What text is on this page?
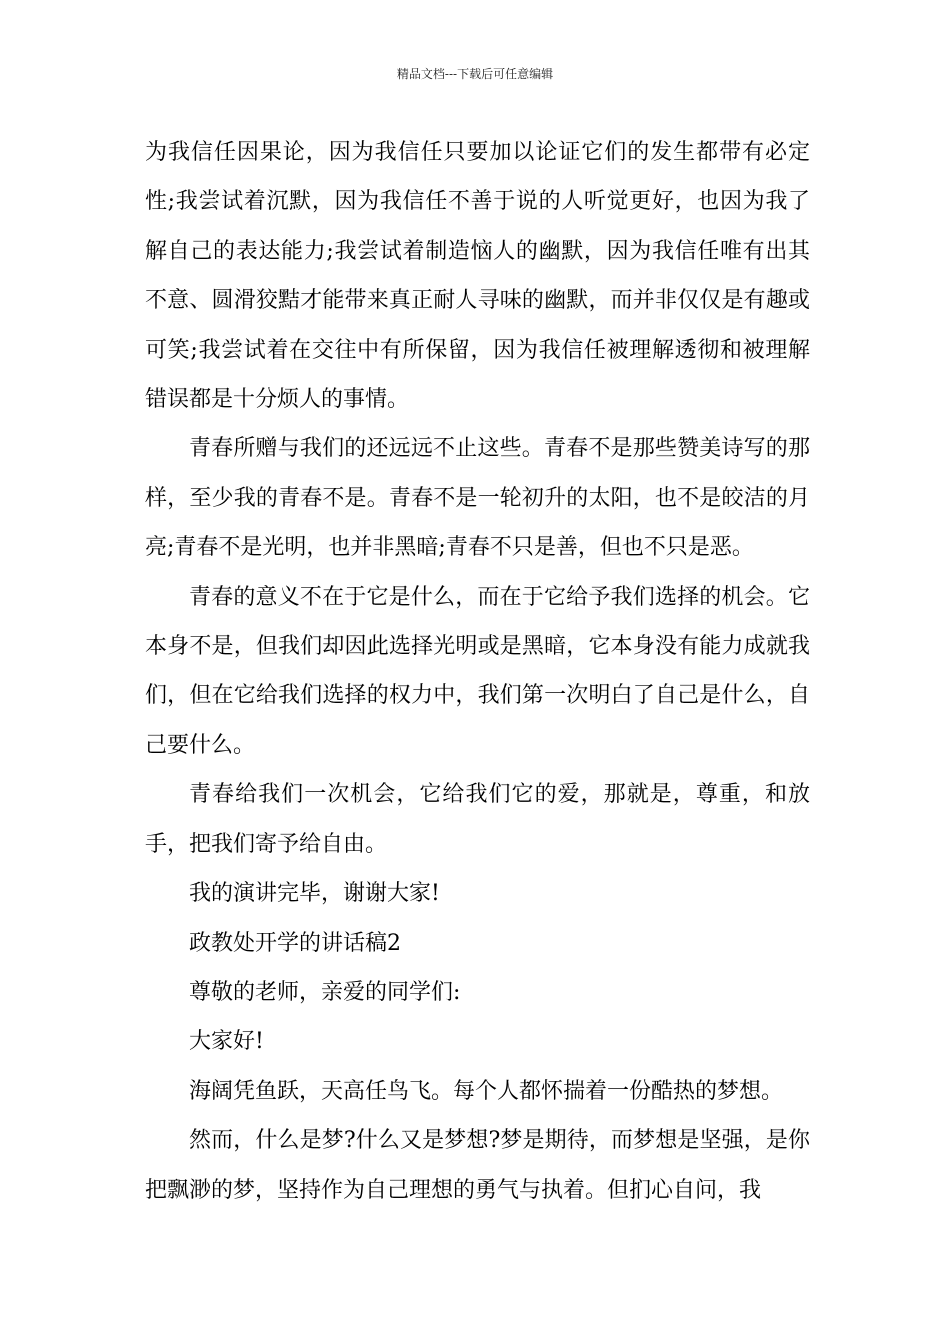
精品文档---下载后可任意编辑

为我信任因果论，因为我信任只要加以论证它们的发生都带有必定性;我尝试着沉默，因为我信任不善于说的人听觉更好，也因为我了解自己的表达能力;我尝试着制造恼人的幽默，因为我信任唯有出其不意、圆滑狡黠才能带来真正耐人寻味的幽默，而并非仅仅是有趣或可笑;我尝试着在交往中有所保留，因为我信任被理解透彻和被理解错误都是十分烦人的事情。

青春所赠与我们的还远远不止这些。青春不是那些赞美诗写的那样，至少我的青春不是。青春不是一轮初升的太阳，也不是皎洁的月亮;青春不是光明，也并非黑暗;青春不只是善，但也不只是恶。

青春的意义不在于它是什么，而在于它给予我们选择的机会。它本身不是，但我们却因此选择光明或是黑暗，它本身没有能力成就我们，但在它给我们选择的权力中，我们第一次明白了自己是什么，自己要什么。

青春给我们一次机会，它给我们它的爱，那就是，尊重，和放手，把我们寄予给自由。

我的演讲完毕，谢谢大家!

政教处开学的讲话稿2

尊敬的老师，亲爱的同学们:

大家好!

海阔凭鱼跃，天高任鸟飞。每个人都怀揣着一份酷热的梦想。

然而，什么是梦?什么又是梦想?梦是期待，而梦想是坚强，是你把飘渺的梦，坚持作为自己理想的勇气与执着。但扪心自问，我
